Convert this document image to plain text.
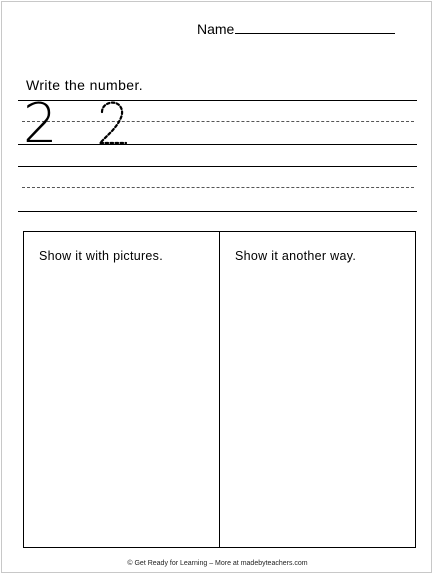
Name
Write the number.
2
Show it with pictures.	Show it another way.
© Get Ready for Learning – More at madebyteachers.com
